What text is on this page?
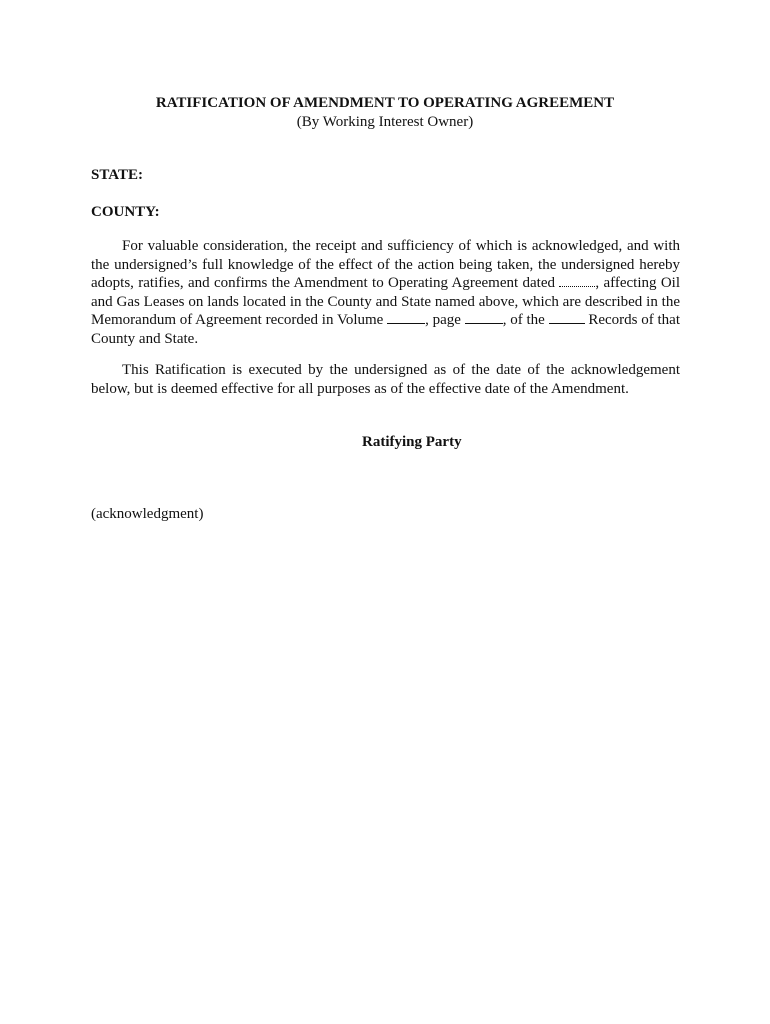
RATIFICATION OF AMENDMENT TO OPERATING AGREEMENT
(By Working Interest Owner)
STATE:
COUNTY:

For valuable consideration, the receipt and sufficiency of which is acknowledged, and with the undersigned’s full knowledge of the effect of the action being taken, the undersigned hereby adopts, ratifies, and confirms the Amendment to Operating Agreement dated , affecting Oil and Gas Leases on lands located in the County and State named above, which are described in the Memorandum of Agreement recorded in Volume	, page	, of the  Records of that County and State.

This Ratification is executed by the undersigned as of the date of the acknowledgement below, but is deemed effective for all purposes as of the effective date of the Amendment.

Ratifying Party
(acknowledgment)
